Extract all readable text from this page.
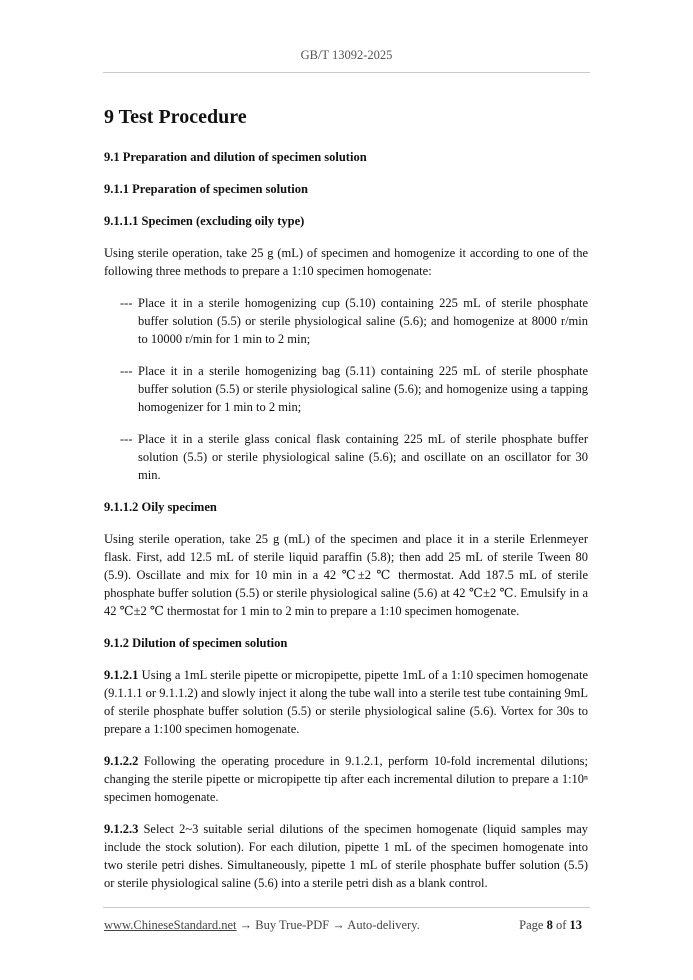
GB/T 13092-2025
9 Test Procedure
9.1 Preparation and dilution of specimen solution
9.1.1 Preparation of specimen solution
9.1.1.1 Specimen (excluding oily type)

Using sterile operation, take 25 g (mL) of specimen and homogenize it according to one of the following three methods to prepare a 1:10 specimen homogenate:

--- Place it in a sterile homogenizing cup (5.10) containing 225 mL of sterile phosphate buffer solution (5.5) or sterile physiological saline (5.6); and homogenize at 8000 r/min to 10000 r/min for 1 min to 2 min;
--- Place it in a sterile homogenizing bag (5.11) containing 225 mL of sterile phosphate buffer solution (5.5) or sterile physiological saline (5.6); and homogenize using a tapping homogenizer for 1 min to 2 min;
--- Place it in a sterile glass conical flask containing 225 mL of sterile phosphate buffer solution (5.5) or sterile physiological saline (5.6); and oscillate on an oscillator for 30 min.
9.1.1.2 Oily specimen

Using sterile operation, take 25 g (mL) of the specimen and place it in a sterile Erlenmeyer flask. First, add 12.5 mL of sterile liquid paraffin (5.8); then add 25 mL of sterile Tween 80 (5.9). Oscillate and mix for 10 min in a 42 ℃±2 ℃ thermostat. Add 187.5 mL of sterile phosphate buffer solution (5.5) or sterile physiological saline (5.6) at 42 ℃±2 ℃. Emulsify in a 42 ℃±2 ℃ thermostat for 1 min to 2 min to prepare a 1:10 specimen homogenate.

9.1.2 Dilution of specimen solution

9.1.2.1 Using a 1mL sterile pipette or micropipette, pipette 1mL of a 1:10 specimen homogenate (9.1.1.1 or 9.1.1.2) and slowly inject it along the tube wall into a sterile test tube containing 9mL of sterile phosphate buffer solution (5.5) or sterile physiological saline (5.6). Vortex for 30s to prepare a 1:100 specimen homogenate.

9.1.2.2 Following the operating procedure in 9.1.2.1, perform 10-fold incremental dilutions; changing the sterile pipette or micropipette tip after each incremental dilution to prepare a 1:10ⁿ specimen homogenate.

9.1.2.3 Select 2~3 suitable serial dilutions of the specimen homogenate (liquid samples may include the stock solution). For each dilution, pipette 1 mL of the specimen homogenate into two sterile petri dishes. Simultaneously, pipette 1 mL of sterile phosphate buffer solution (5.5) or sterile physiological saline (5.6) into a sterile petri dish as a blank control.

www.ChineseStandard.net → Buy True-PDF → Auto-delivery.	Page 8 of 13
